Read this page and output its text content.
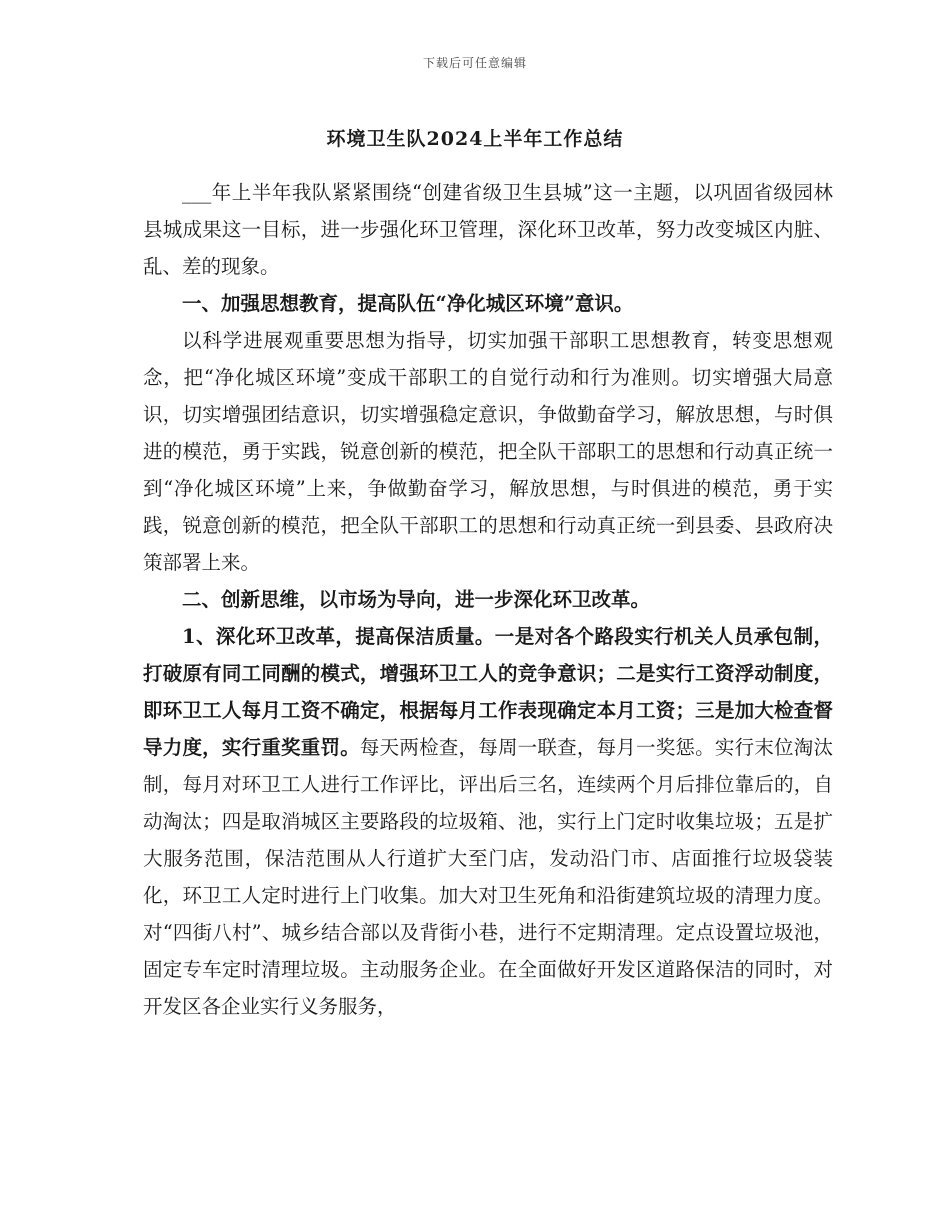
下载后可任意编辑
环境卫生队2024上半年工作总结

___年上半年我队紧紧围绕“创建省级卫生县城”这一主题，以巩固省级园林县城成果这一目标，进一步强化环卫管理，深化环卫改革，努力改变城区内脏、乱、差的现象。

一、加强思想教育，提高队伍“净化城区环境”意识。

以科学进展观重要思想为指导，切实加强干部职工思想教育，转变思想观念，把“净化城区环境”变成干部职工的自觉行动和行为准则。切实增强大局意识，切实增强团结意识，切实增强稳定意识，争做勤奋学习，解放思想，与时俱进的模范，勇于实践，锐意创新的模范，把全队干部职工的思想和行动真正统一到“净化城区环境”上来，争做勤奋学习，解放思想，与时俱进的模范，勇于实践，锐意创新的模范，把全队干部职工的思想和行动真正统一到县委、县政府决策部署上来。

二、创新思维，以市场为导向，进一步深化环卫改革。

1、深化环卫改革，提高保洁质量。一是对各个路段实行机关人员承包制，打破原有同工同酬的模式，增强环卫工人的竞争意识；二是实行工资浮动制度，即环卫工人每月工资不确定，根据每月工作表现确定本月工资；三是加大检查督导力度，实行重奖重罚。每天两检查，每周一联查，每月一奖惩。实行末位淘汰制，每月对环卫工人进行工作评比，评出后三名，连续两个月后排位靠后的，自动淘汰；四是取消城区主要路段的垃圾箱、池，实行上门定时收集垃圾；五是扩大服务范围，保洁范围从人行道扩大至门店，发动沿门市、店面推行垃圾袋装化，环卫工人定时进行上门收集。加大对卫生死角和沿街建筑垃圾的清理力度。对“四街八村”、城乡结合部以及背街小巷，进行不定期清理。定点设置垃圾池，固定专车定时清理垃圾。主动服务企业。在全面做好开发区道路保洁的同时，对开发区各企业实行义务服务，
